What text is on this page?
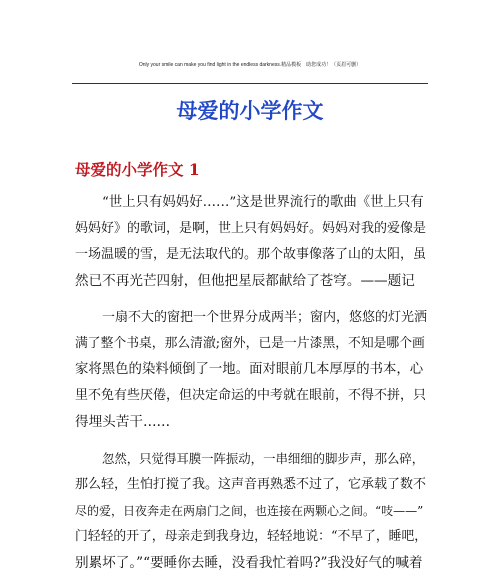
Only your smile can make you find light in the endless darkness.精品模板　助您成功！（页眉可删）
母爱的小学作文
母爱的小学作文 1
“世上只有妈妈好……”这是世界流行的歌曲《世上只有
妈妈好》的歌词，是啊，世上只有妈妈好。妈妈对我的爱像是
一场温暖的雪，是无法取代的。那个故事像落了山的太阳，虽
然已不再光芒四射，但他把星辰都献给了苍穹。——题记
一扇不大的窗把一个世界分成两半；窗内，悠悠的灯光洒
满了整个书桌，那么清澈;窗外，已是一片漆黑，不知是哪个画
家将黑色的染料倾倒了一地。面对眼前几本厚厚的书本，心
里不免有些厌倦，但决定命运的中考就在眼前，不得不拼，只
得埋头苦干……
忽然，只觉得耳膜一阵振动，一串细细的脚步声，那么碎，
那么轻，生怕打搅了我。这声音再熟悉不过了，它承载了数不
尽的爱，日夜奔走在两扇门之间，也连接在两颗心之间。“吱——”
门轻轻的开了，母亲走到我身边，轻轻地说：“不早了，睡吧，
别累坏了。”“要睡你去睡，没看我忙着吗?”我没好气的喊着
